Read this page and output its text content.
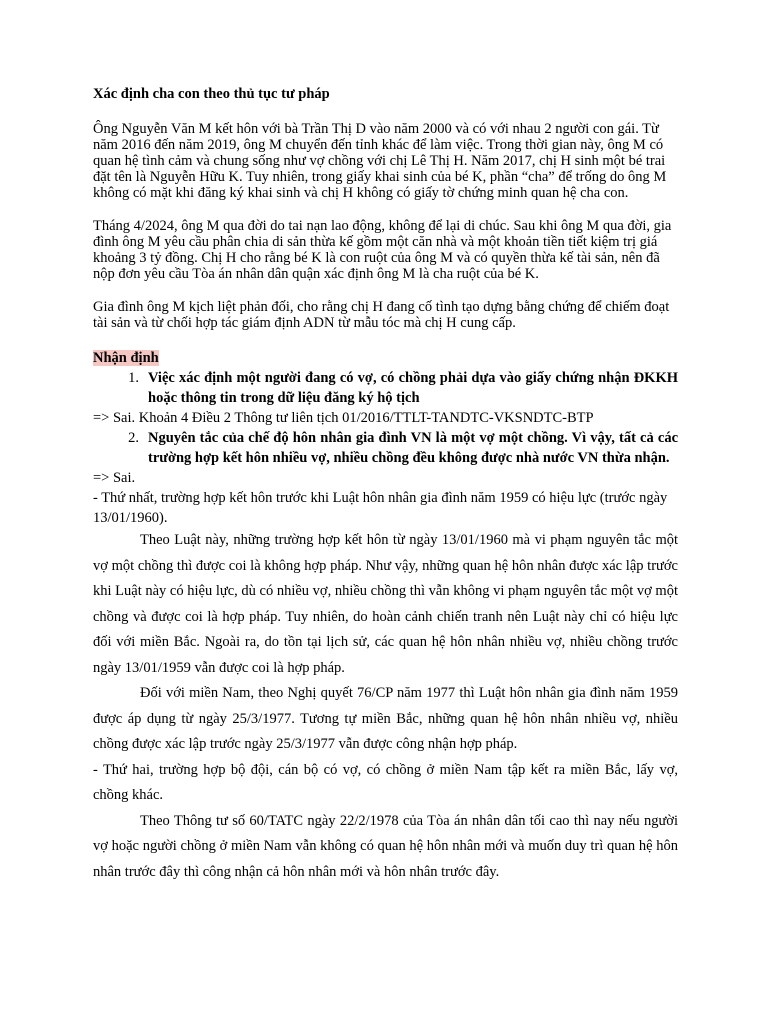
Xác định cha con theo thủ tục tư pháp
Ông Nguyễn Văn M kết hôn với bà Trần Thị D vào năm 2000 và có với nhau 2 người con gái. Từ năm 2016 đến năm 2019, ông M chuyển đến tỉnh khác để làm việc. Trong thời gian này, ông M có quan hệ tình cảm và chung sống như vợ chồng với chị Lê Thị H. Năm 2017, chị H sinh một bé trai đặt tên là Nguyễn Hữu K. Tuy nhiên, trong giấy khai sinh của bé K, phần “cha” để trống do ông M không có mặt khi đăng ký khai sinh và chị H không có giấy tờ chứng minh quan hệ cha con.
Tháng 4/2024, ông M qua đời do tai nạn lao động, không để lại di chúc. Sau khi ông M qua đời, gia đình ông M yêu cầu phân chia di sản thừa kế gồm một căn nhà và một khoản tiền tiết kiệm trị giá khoảng 3 tỷ đồng. Chị H cho rằng bé K là con ruột của ông M và có quyền thừa kế tài sản, nên đã nộp đơn yêu cầu Tòa án nhân dân quận xác định ông M là cha ruột của bé K.
Gia đình ông M kịch liệt phản đối, cho rằng chị H đang cố tình tạo dựng bằng chứng để chiếm đoạt tài sản và từ chối hợp tác giám định ADN từ mẫu tóc mà chị H cung cấp.
Nhận định
1. Việc xác định một người đang có vợ, có chồng phải dựa vào giấy chứng nhận ĐKKH hoặc thông tin trong dữ liệu đăng ký hộ tịch
=> Sai. Khoản 4 Điều 2 Thông tư liên tịch 01/2016/TTLT-TANDTC-VKSNDTC-BTP
2. Nguyên tắc của chế độ hôn nhân gia đình VN là một vợ một chồng. Vì vậy, tất cả các trường hợp kết hôn nhiều vợ, nhiều chồng đều không được nhà nước VN thừa nhận.
=> Sai.
- Thứ nhất, trường hợp kết hôn trước khi Luật hôn nhân gia đình năm 1959 có hiệu lực (trước ngày 13/01/1960).
Theo Luật này, những trường hợp kết hôn từ ngày 13/01/1960 mà vi phạm nguyên tắc một vợ một chồng thì được coi là không hợp pháp. Như vậy, những quan hệ hôn nhân được xác lập trước khi Luật này có hiệu lực, dù có nhiều vợ, nhiều chồng thì vẫn không vi phạm nguyên tắc một vợ một chồng và được coi là hợp pháp. Tuy nhiên, do hoàn cảnh chiến tranh nên Luật này chỉ có hiệu lực đối với miền Bắc. Ngoài ra, do tồn tại lịch sử, các quan hệ hôn nhân nhiều vợ, nhiều chồng trước ngày 13/01/1959 vẫn được coi là hợp pháp.
Đối với miền Nam, theo Nghị quyết 76/CP năm 1977 thì Luật hôn nhân gia đình năm 1959 được áp dụng từ ngày 25/3/1977. Tương tự miền Bắc, những quan hệ hôn nhân nhiều vợ, nhiều chồng được xác lập trước ngày 25/3/1977 vẫn được công nhận hợp pháp.
- Thứ hai, trường hợp bộ đội, cán bộ có vợ, có chồng ở miền Nam tập kết ra miền Bắc, lấy vợ, chồng khác.
Theo Thông tư số 60/TATC ngày 22/2/1978 của Tòa án nhân dân tối cao thì nay nếu người vợ hoặc người chồng ở miền Nam vẫn không có quan hệ hôn nhân mới và muốn duy trì quan hệ hôn nhân trước đây thì công nhận cả hôn nhân mới và hôn nhân trước đây.
